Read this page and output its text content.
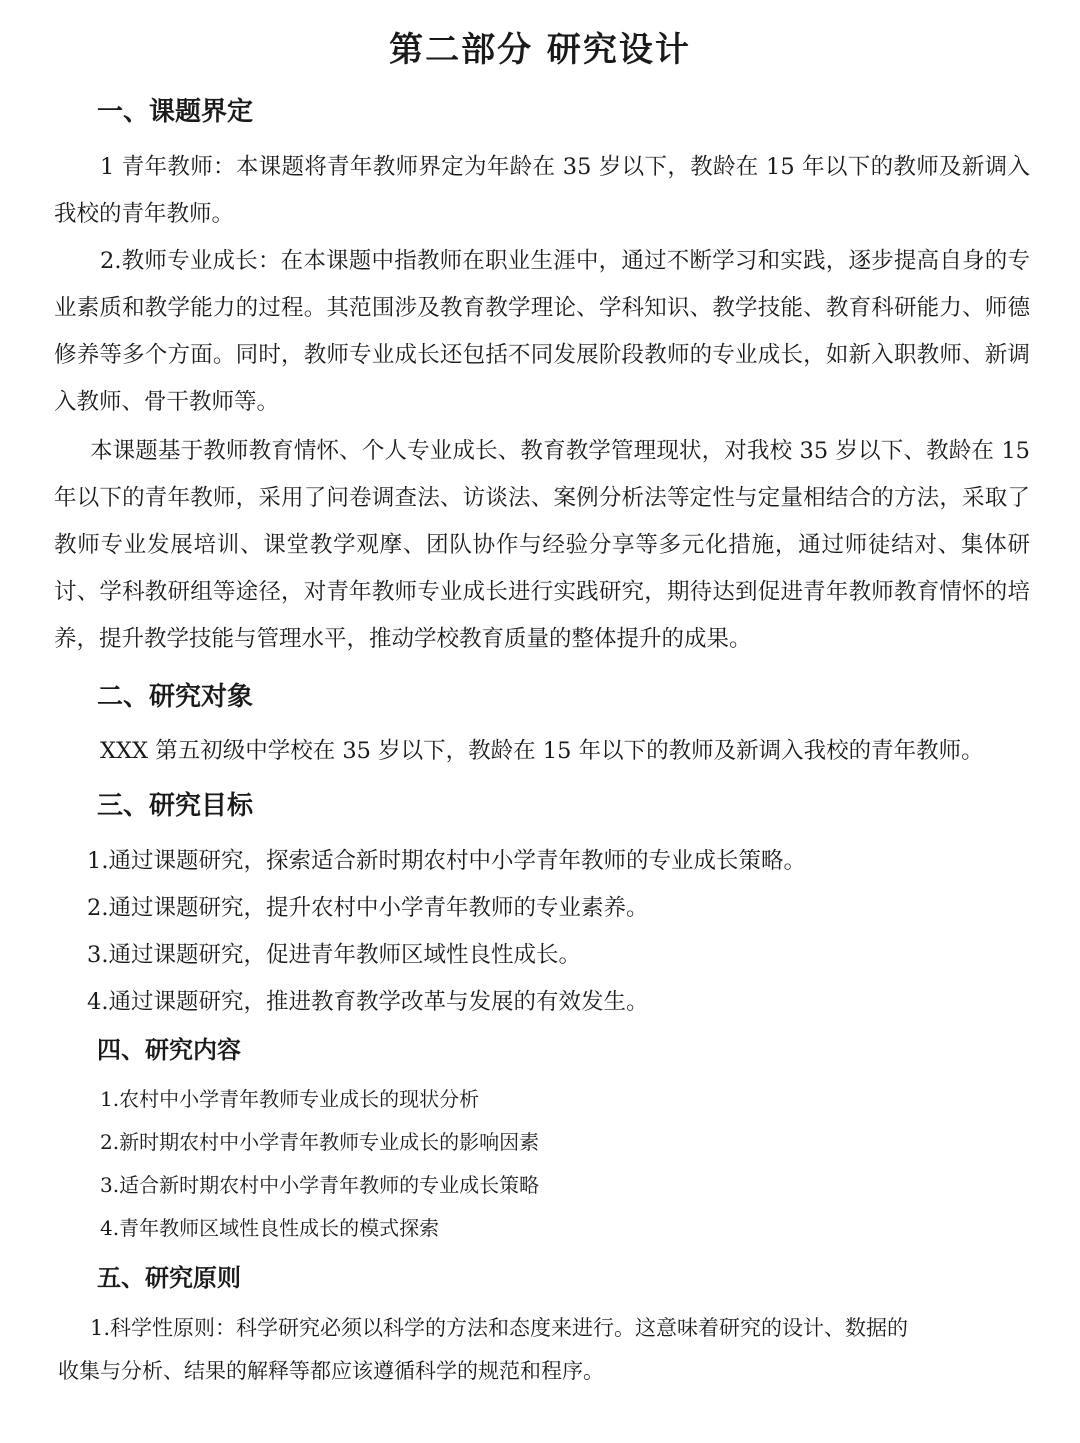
第二部分 研究设计
一、课题界定
1 青年教师：本课题将青年教师界定为年龄在 35 岁以下，教龄在 15 年以下的教师及新调入我校的青年教师。
2.教师专业成长：在本课题中指教师在职业生涯中，通过不断学习和实践，逐步提高自身的专业素质和教学能力的过程。其范围涉及教育教学理论、学科知识、教学技能、教育科研能力、师德修养等多个方面。同时，教师专业成长还包括不同发展阶段教师的专业成长，如新入职教师、新调入教师、骨干教师等。
本课题基于教师教育情怀、个人专业成长、教育教学管理现状，对我校 35 岁以下、教龄在 15 年以下的青年教师，采用了问卷调查法、访谈法、案例分析法等定性与定量相结合的方法，采取了教师专业发展培训、课堂教学观摩、团队协作与经验分享等多元化措施，通过师徒结对、集体研讨、学科教研组等途径，对青年教师专业成长进行实践研究，期待达到促进青年教师教育情怀的培养，提升教学技能与管理水平，推动学校教育质量的整体提升的成果。
二、研究对象
XXX 第五初级中学校在 35 岁以下，教龄在 15 年以下的教师及新调入我校的青年教师。
三、研究目标
1.通过课题研究，探索适合新时期农村中小学青年教师的专业成长策略。
2.通过课题研究，提升农村中小学青年教师的专业素养。
3.通过课题研究，促进青年教师区域性良性成长。
4.通过课题研究，推进教育教学改革与发展的有效发生。
四、研究内容
1.农村中小学青年教师专业成长的现状分析
2.新时期农村中小学青年教师专业成长的影响因素
3.适合新时期农村中小学青年教师的专业成长策略
4.青年教师区域性良性成长的模式探索
五、研究原则
1.科学性原则：科学研究必须以科学的方法和态度来进行。这意味着研究的设计、数据的
收集与分析、结果的解释等都应该遵循科学的规范和程序。
